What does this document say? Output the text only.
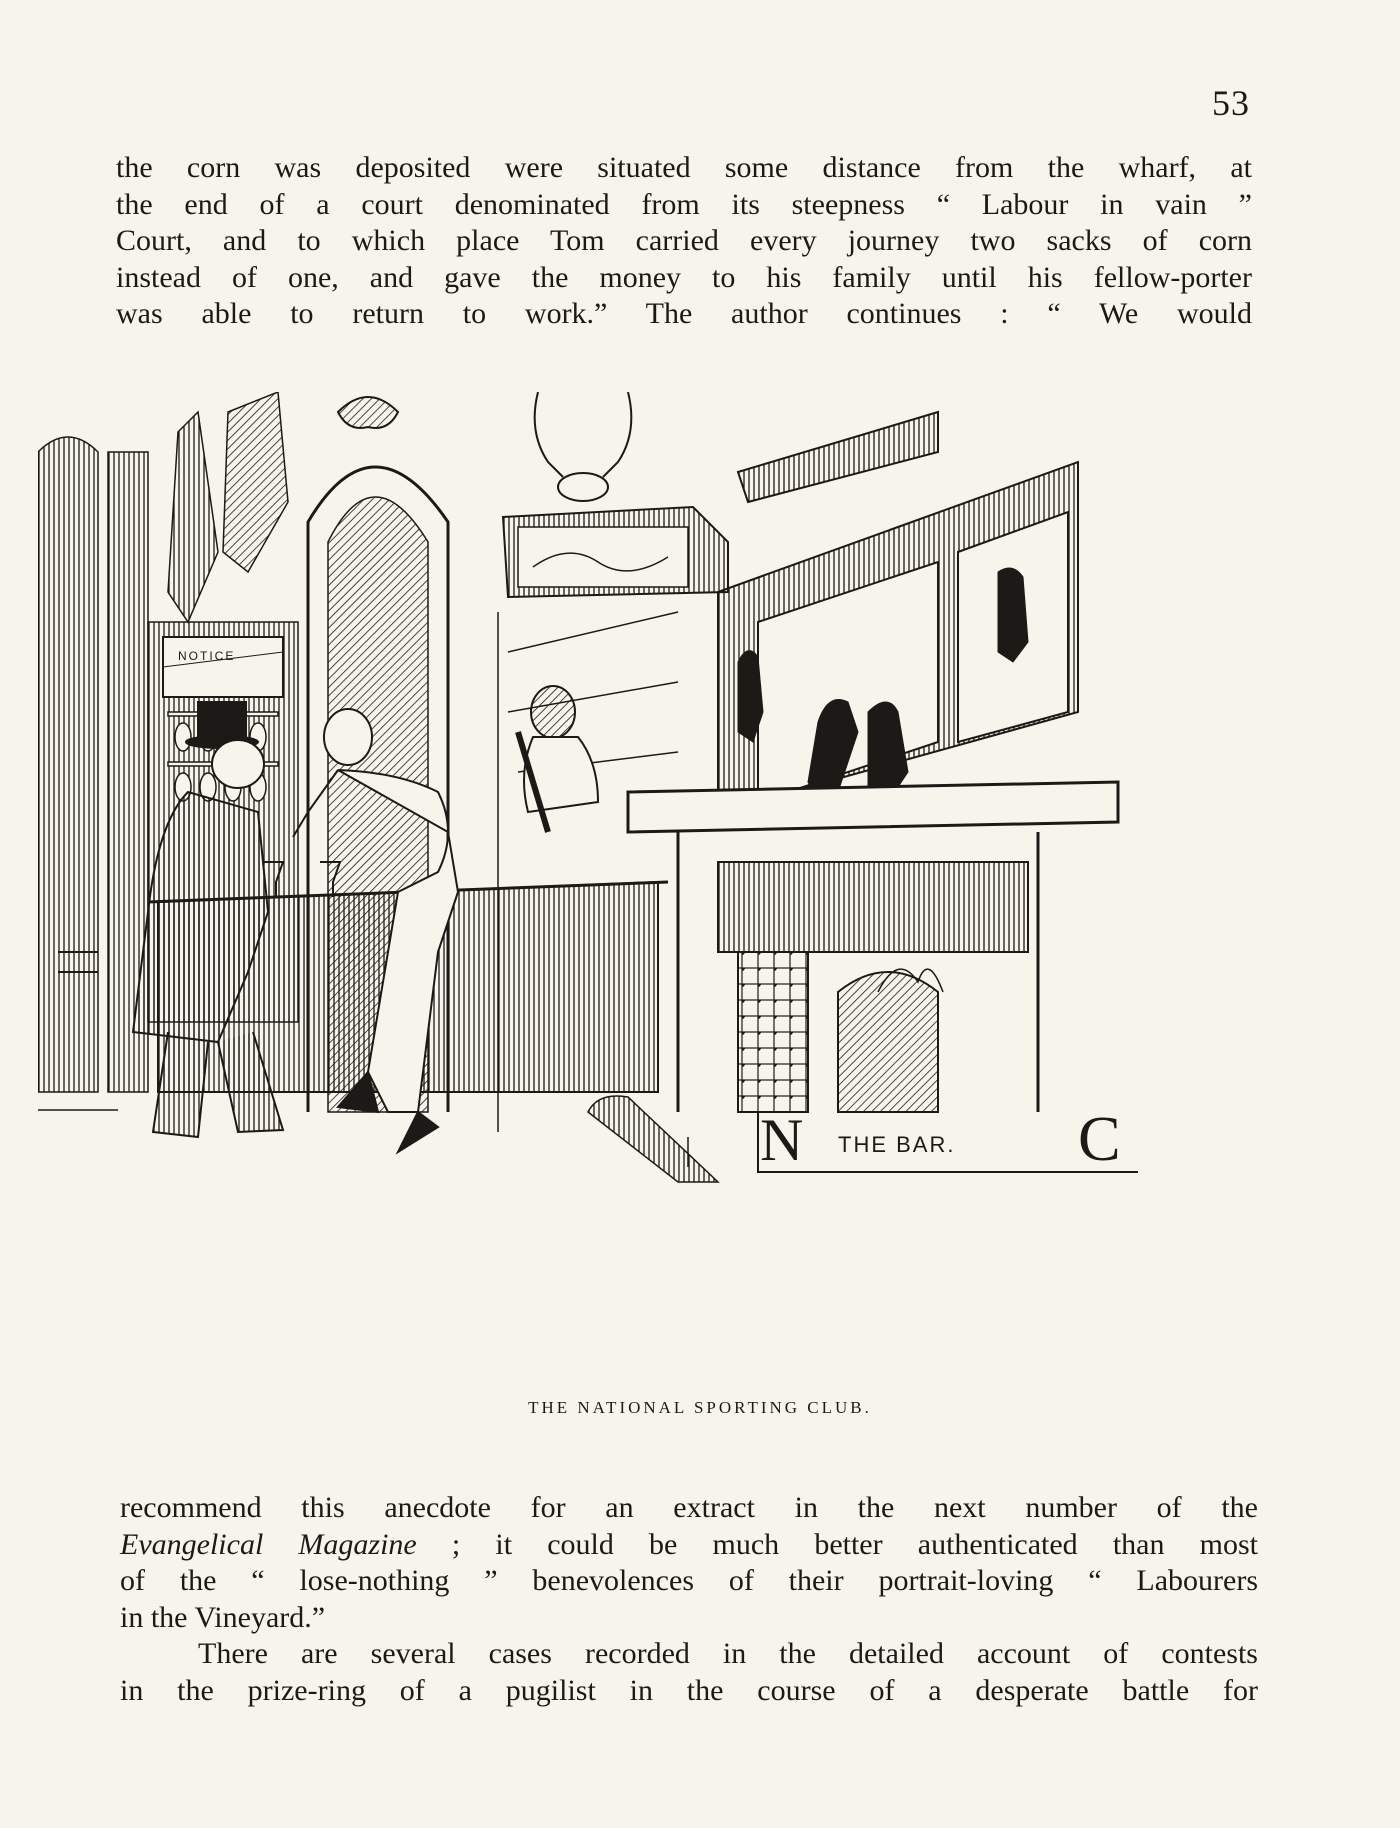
53
the corn was deposited were situated some distance from the wharf, at
the end of a court denominated from its steepness “ Labour in vain ”
Court, and to which place Tom carried every journey two sacks of corn
instead of one, and gave the money to his family until his fellow-porter
was able to return to work.” The author continues : “ We would
NOTICE
N THE BAR. C
THE NATIONAL SPORTING CLUB.
recommend this anecdote for an extract in the next number of the
Evangelical Magazine ; it could be much better authenticated than most
of the “ lose-nothing ” benevolences of their portrait-loving “ Labourers
in the Vineyard.”
There are several cases recorded in the detailed account of contests
in the prize-ring of a pugilist in the course of a desperate battle for
